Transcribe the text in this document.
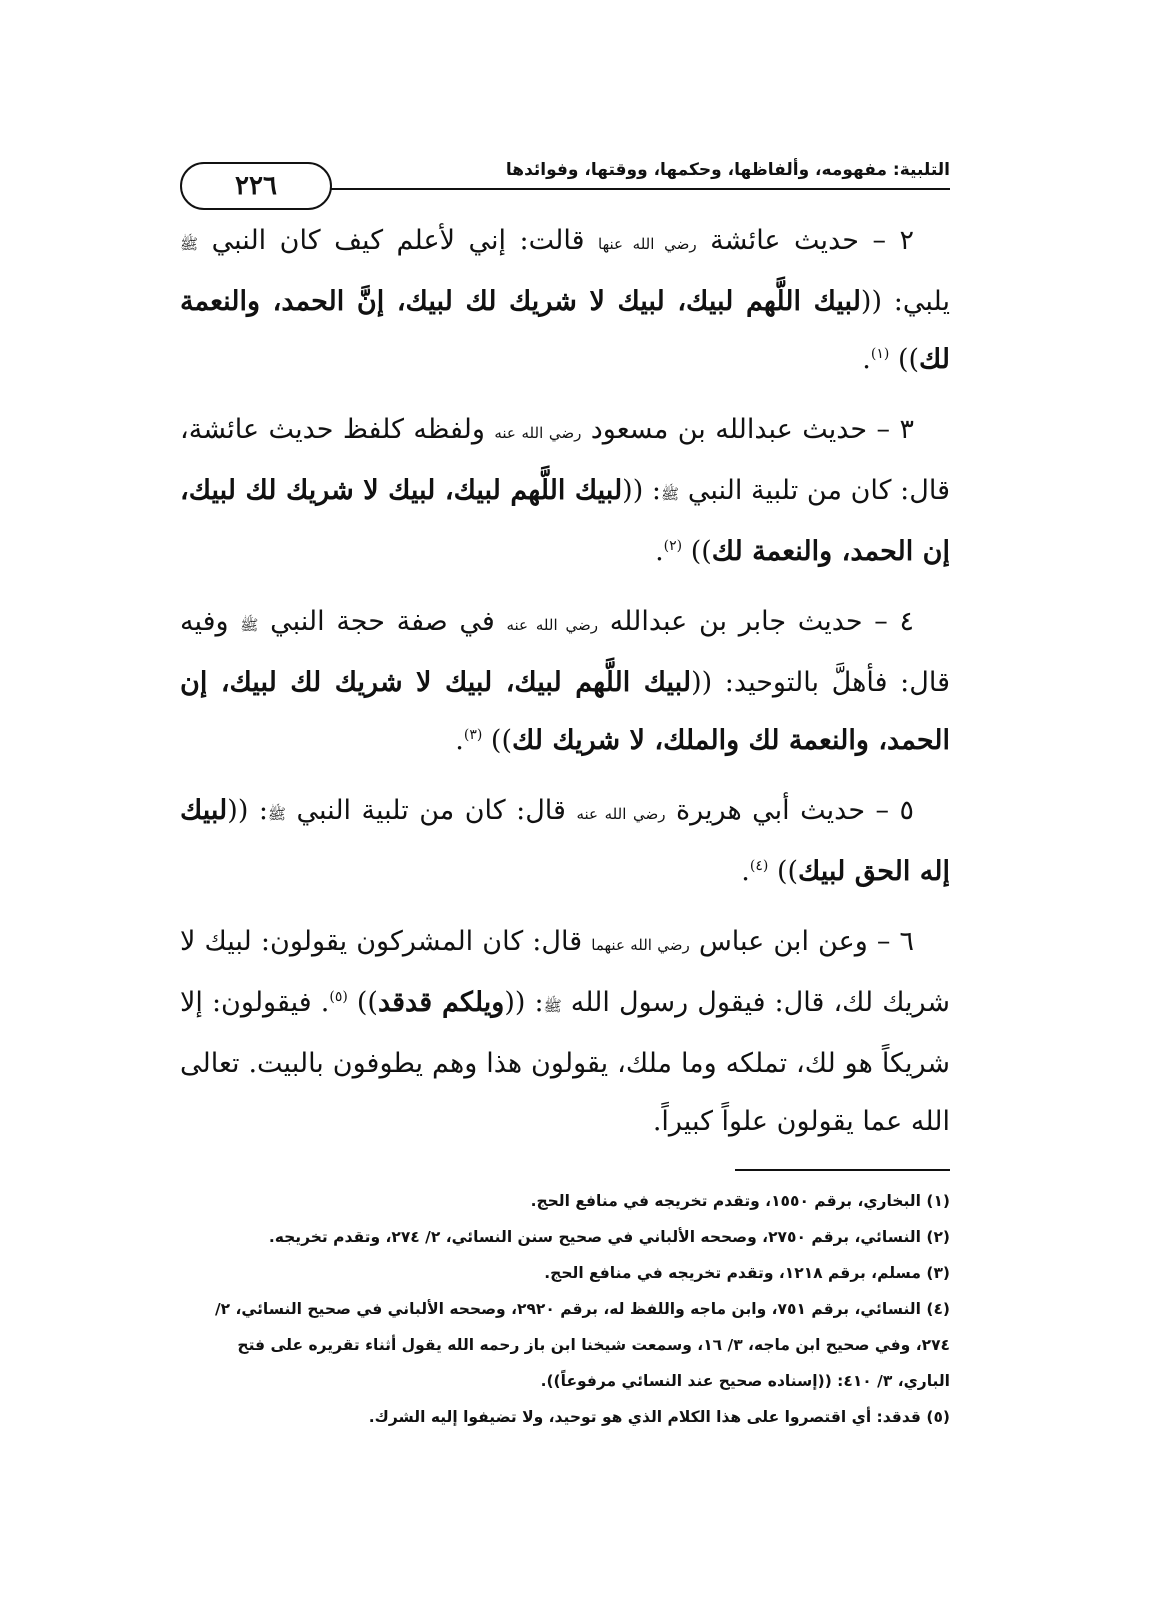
التلبية: مفهومه، وألفاظها، وحكمها، ووقتها، وفوائدها
٢٢٦

٢ – حديث عائشة رضي الله عنها قالت: إني لأعلم كيف كان النبي ﷺ يلبي: ((لبيك اللَّهم لبيك، لبيك لا شريك لك لبيك، إنَّ الحمد، والنعمة لك)) $^{(١)}$.

٣ – حديث عبدالله بن مسعود رضي الله عنه ولفظه كلفظ حديث عائشة، قال: كان من تلبية النبي ﷺ: ((لبيك اللَّهم لبيك، لبيك لا شريك لك لبيك، إن الحمد، والنعمة لك)) $^{(٢)}$.

٤ – حديث جابر بن عبدالله رضي الله عنه في صفة حجة النبي ﷺ وفيه قال: فأهلَّ بالتوحيد: ((لبيك اللَّهم لبيك، لبيك لا شريك لك لبيك، إن الحمد، والنعمة لك والملك، لا شريك لك)) $^{(٣)}$.

٥ – حديث أبي هريرة رضي الله عنه قال: كان من تلبية النبي ﷺ: ((لبيك إله الحق لبيك)) $^{(٤)}$.

٦ – وعن ابن عباس رضي الله عنهما قال: كان المشركون يقولون: لبيك لا شريك لك، قال: فيقول رسول الله ﷺ: ((ويلكم قدقد)) $^{(٥)}$. فيقولون: إلا شريكاً هو لك، تملكه وما ملك، يقولون هذا وهم يطوفون بالبيت. تعالى الله عما يقولون علواً كبيراً.

(١) البخاري، برقم ١٥٥٠، وتقدم تخريجه في منافع الحج.

(٢) النسائي، برقم ٢٧٥٠، وصححه الألباني في صحيح سنن النسائي، ٢/ ٢٧٤، وتقدم تخريجه.

(٣) مسلم، برقم ١٢١٨، وتقدم تخريجه في منافع الحج.

(٤) النسائي، برقم ٧٥١، وابن ماجه واللفظ له، برقم ٢٩٢٠، وصححه الألباني في صحيح النسائي، ٢/ ٢٧٤، وفي صحيح ابن ماجه، ٣/ ١٦، وسمعت شيخنا ابن باز رحمه الله يقول أثناء تقريره على فتح الباري، ٣/ ٤١٠: ((إسناده صحيح عند النسائي مرفوعاً)).

(٥) قدقد: أي اقتصروا على هذا الكلام الذي هو توحيد، ولا تضيفوا إليه الشرك.
